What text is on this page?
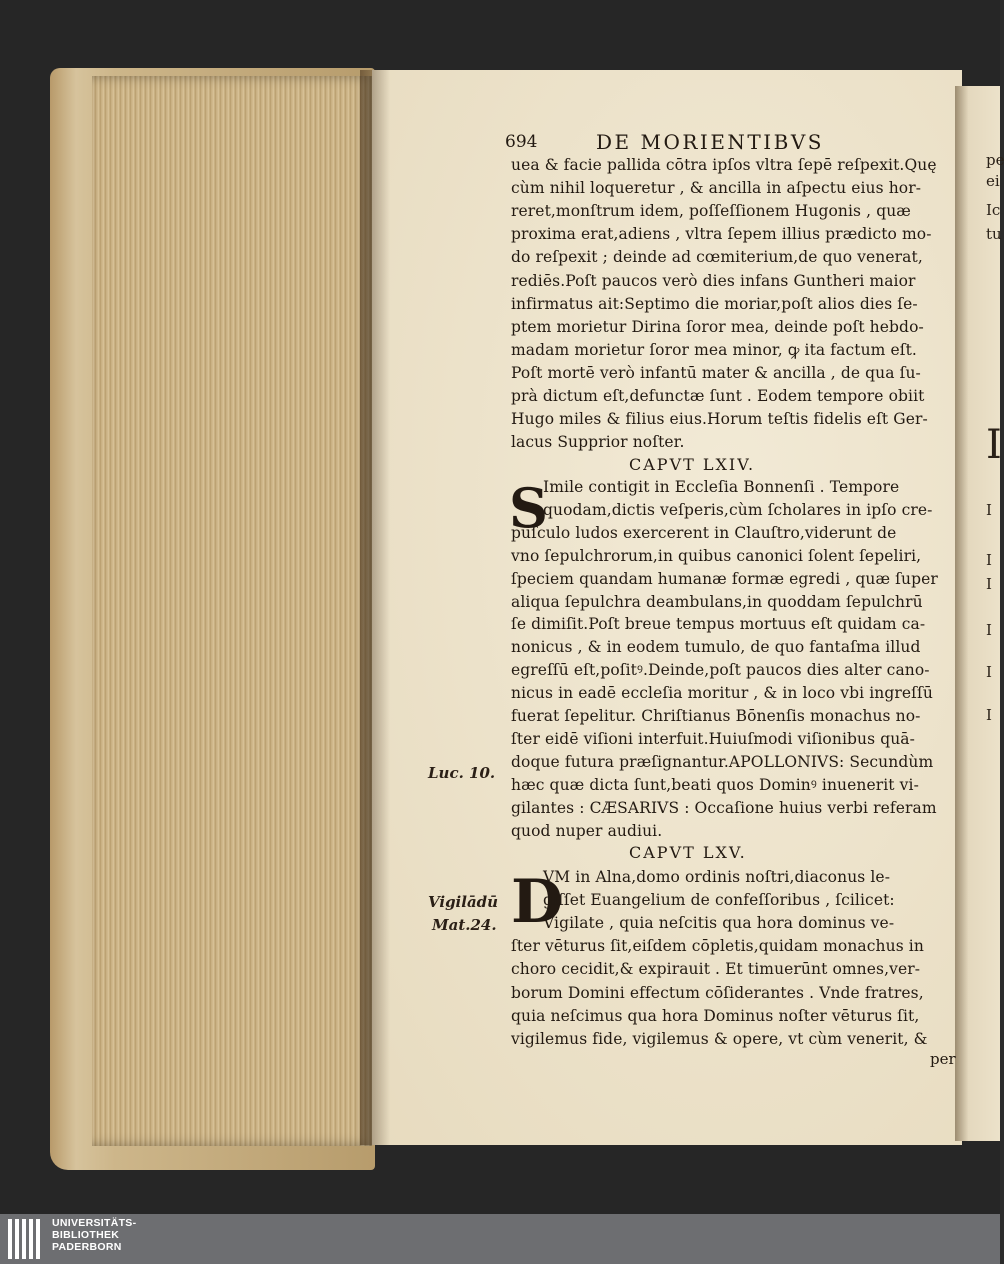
pe
ei
Ic
tu
I
I
I
I
I
I
I
694	DE MORIENTIBVS
uea & facie pallida cōtra ipſos vltra ſepē reſpexit.Quę
cùm nihil loqueretur , & ancilla in aſpectu eius hor-
reret,monſtrum idem, poſſeſſionem Hugonis , quæ
proxima erat,adiens , vltra ſepem illius prædicto mo-
do reſpexit ; deinde ad cœmiterium,de quo venerat,
rediēs.Poſt paucos verò dies infans Guntheri maior
infirmatus ait:Septimo die moriar,poſt alios dies ſe-
ptem morietur Dirina ſoror mea, deinde poſt hebdo-
madam morietur ſoror mea minor, ꝙ ita factum eſt.
Poſt mortē verò infantū mater & ancilla , de qua ſu-
prà dictum eſt,defunctæ ſunt . Eodem tempore obiit
Hugo miles & filius eius.Horum teſtis fidelis eſt Ger-
lacus Supprior noſter.
CAPVT LXIV.
S
Imile contigit in Eccleſia Bonnenſi . Tempore
quodam,dictis veſperis,cùm ſcholares in ipſo cre-
puſculo ludos exercerent in Clauſtro,viderunt de
vno ſepulchrorum,in quibus canonici ſolent ſepeliri,
ſpeciem quandam humanæ formæ egredi , quæ ſuper
aliqua ſepulchra deambulans,in quoddam ſepulchrū
ſe dimiſit.Poſt breue tempus mortuus eſt quidam ca-
nonicus , & in eodem tumulo, de quo fantaſma illud
egreſſū eſt,poſitꝰ.Deinde,poſt paucos dies alter cano-
nicus in eadē eccleſia moritur , & in loco vbi ingreſſū
fuerat ſepelitur. Chriſtianus Bōnenſis monachus no-
ſter eidē viſioni interfuit.Huiuſmodi viſionibus quā-
doque futura præſignantur.APOLLONIVS: Secundùm
hæc quæ dicta ſunt,beati quos Dominꝰ inuenerit vi-
gilantes : CÆSARIVS : Occaſione huius verbi referam
quod nuper audiui.
CAPVT LXV.
D
VM in Alna,domo ordinis noſtri,diaconus le-
giſſet Euangelium de confeſſoribus , ſcilicet:
Vigilate , quia neſcitis qua hora dominus ve-
ſter vēturus ſit,eiſdem cōpletis,quidam monachus in
choro cecidit,& expirauit . Et timuerūnt omnes,ver-
borum Domini effectum cōſiderantes . Vnde fratres,
quia neſcimus qua hora Dominus noſter vēturus ſit,
vigilemus fide, vigilemus & opere, vt cùm venerit, &
Luc. 10.
Vigilādū
Mat.24.
per
UNIVERSITÄTS-
BIBLIOTHEK
PADERBORN
